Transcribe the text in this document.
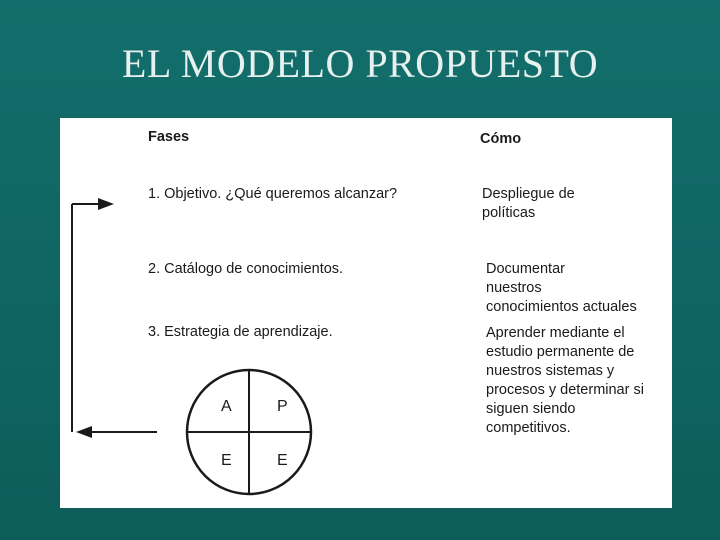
EL MODELO PROPUESTO
Fases	Cómo
1. Objetivo. ¿Qué queremos alcanzar?	Despliegue de
políticas
2. Catálogo de conocimientos.	Documentar
nuestros
conocimientos actuales
3. Estrategia de aprendizaje.	Aprender mediante el
estudio permanente de
nuestros sistemas y
procesos y determinar si
siguen siendo
competitivos.
A	P
E	E
